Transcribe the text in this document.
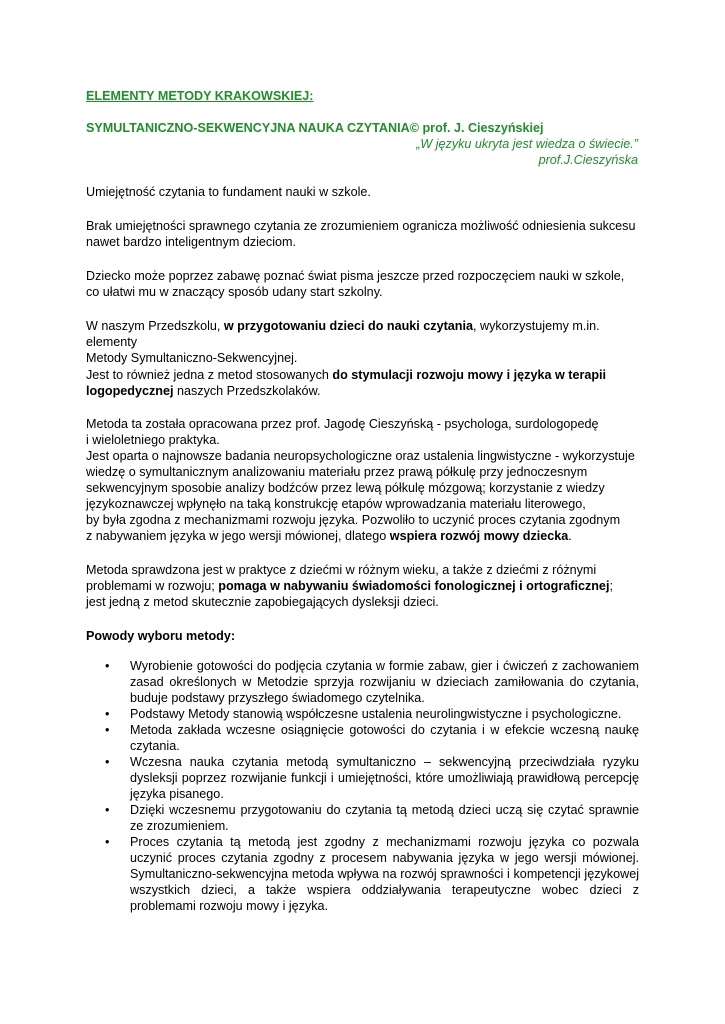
ELEMENTY METODY KRAKOWSKIEJ:
SYMULTANICZNO-SEKWENCYJNA NAUKA CZYTANIA© prof. J. Cieszyńskiej
„W języku ukryta jest wiedza o świecie.”
prof.J.Cieszyńska

Umiejętność czytania to fundament nauki w szkole.

Brak umiejętności sprawnego czytania ze zrozumieniem ogranicza możliwość odniesienia sukcesu

nawet bardzo inteligentnym dzieciom.

Dziecko może poprzez zabawę poznać świat pisma jeszcze przed rozpoczęciem nauki w szkole,

co ułatwi mu w znaczący sposób udany start szkolny.

W naszym Przedszkolu, w przygotowaniu dzieci do nauki czytania, wykorzystujemy m.in. elementy

Metody Symultaniczno-Sekwencyjnej.

Jest to również jedna z metod stosowanych do stymulacji rozwoju mowy i języka w terapii

logopedycznej naszych Przedszkolaków.

Metoda ta została opracowana przez prof. Jagodę Cieszyńską - psychologa, surdologopedę

i wieloletniego praktyka.

Jest oparta o najnowsze badania neuropsychologiczne oraz ustalenia lingwistyczne - wykorzystuje

wiedzę o symultanicznym analizowaniu materiału przez prawą półkulę przy jednoczesnym

sekwencyjnym sposobie analizy bodźców przez lewą półkulę mózgową; korzystanie z wiedzy

językoznawczej wpłynęło na taką konstrukcję etapów wprowadzania materiału literowego,

by była zgodna z mechanizmami rozwoju języka. Pozwoliło to uczynić proces czytania zgodnym

z nabywaniem języka w jego wersji mówionej, dlatego wspiera rozwój mowy dziecka.

Metoda sprawdzona jest w praktyce z dziećmi w różnym wieku, a także z dziećmi z różnymi

problemami w rozwoju; pomaga w nabywaniu świadomości fonologicznej i ortograficznej;

jest jedną z metod skutecznie zapobiegających dysleksji dzieci.

Powody wyboru metody:
• Wyrobienie gotowości do podjęcia czytania w formie zabaw, gier i ćwiczeń z zachowaniem zasad określonych w Metodzie sprzyja rozwijaniu w dzieciach zamiłowania do czytania, buduje podstawy przyszłego świadomego czytelnika.
• Podstawy Metody stanowią współczesne ustalenia neurolingwistyczne i psychologiczne.
• Metoda zakłada wczesne osiągnięcie gotowości do czytania i w efekcie wczesną naukę czytania.
• Wczesna nauka czytania metodą symultaniczno – sekwencyjną przeciwdziała ryzyku dysleksji poprzez rozwijanie funkcji i umiejętności, które umożliwiają prawidłową percepcję języka pisanego.
• Dzięki wczesnemu przygotowaniu do czytania tą metodą dzieci uczą się czytać sprawnie ze zrozumieniem.
• Proces czytania tą metodą jest zgodny z mechanizmami rozwoju języka co pozwala uczynić proces czytania zgodny z procesem nabywania języka w jego wersji mówionej. Symultaniczno-sekwencyjna metoda wpływa na rozwój sprawności i kompetencji językowej wszystkich dzieci, a także wspiera oddziaływania terapeutyczne wobec dzieci z problemami rozwoju mowy i języka.
